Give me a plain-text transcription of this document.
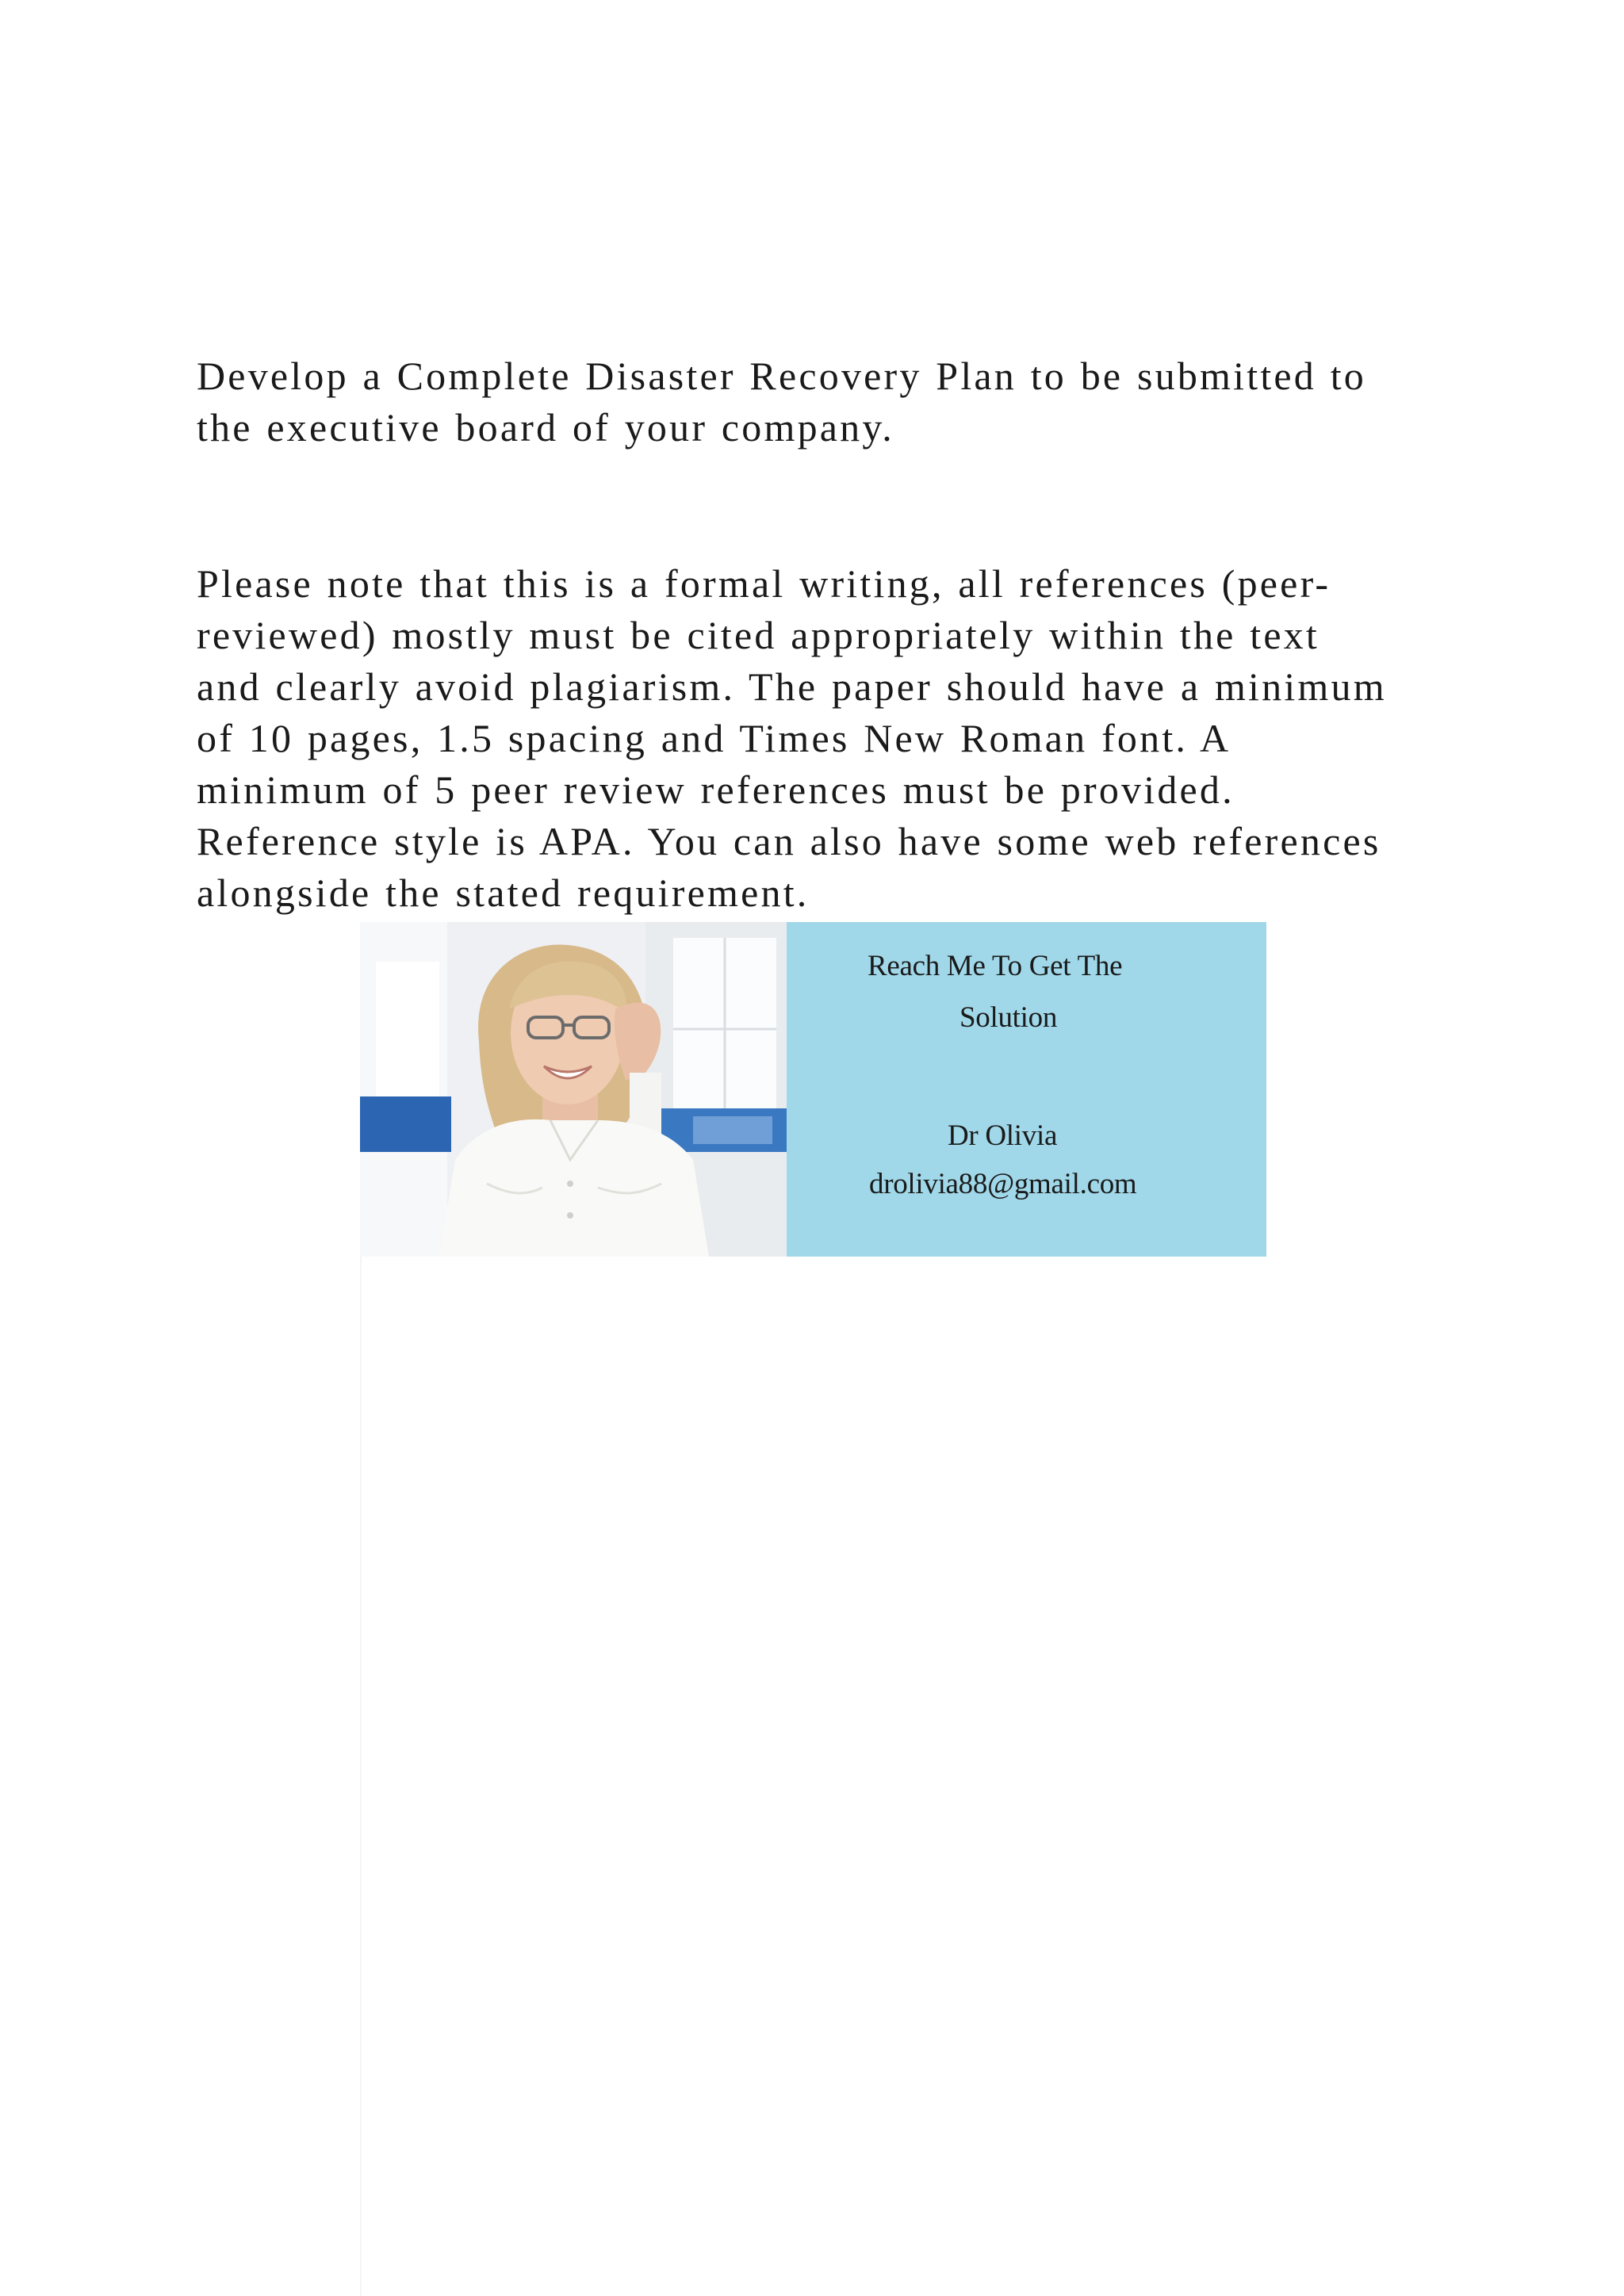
Develop a Complete Disaster Recovery Plan to be submitted to
the executive board of your company.

Please note that this is a formal writing, all references (peer-
reviewed) mostly must be cited appropriately within the text
and clearly avoid plagiarism. The paper should have a minimum
of 10 pages, 1.5 spacing and Times New Roman font. A
minimum of 5 peer review references must be provided.
Reference style is APA. You can also have some web references
alongside the stated requirement.

Reach Me To Get The

Solution

Dr Olivia

drolivia88@gmail.com
